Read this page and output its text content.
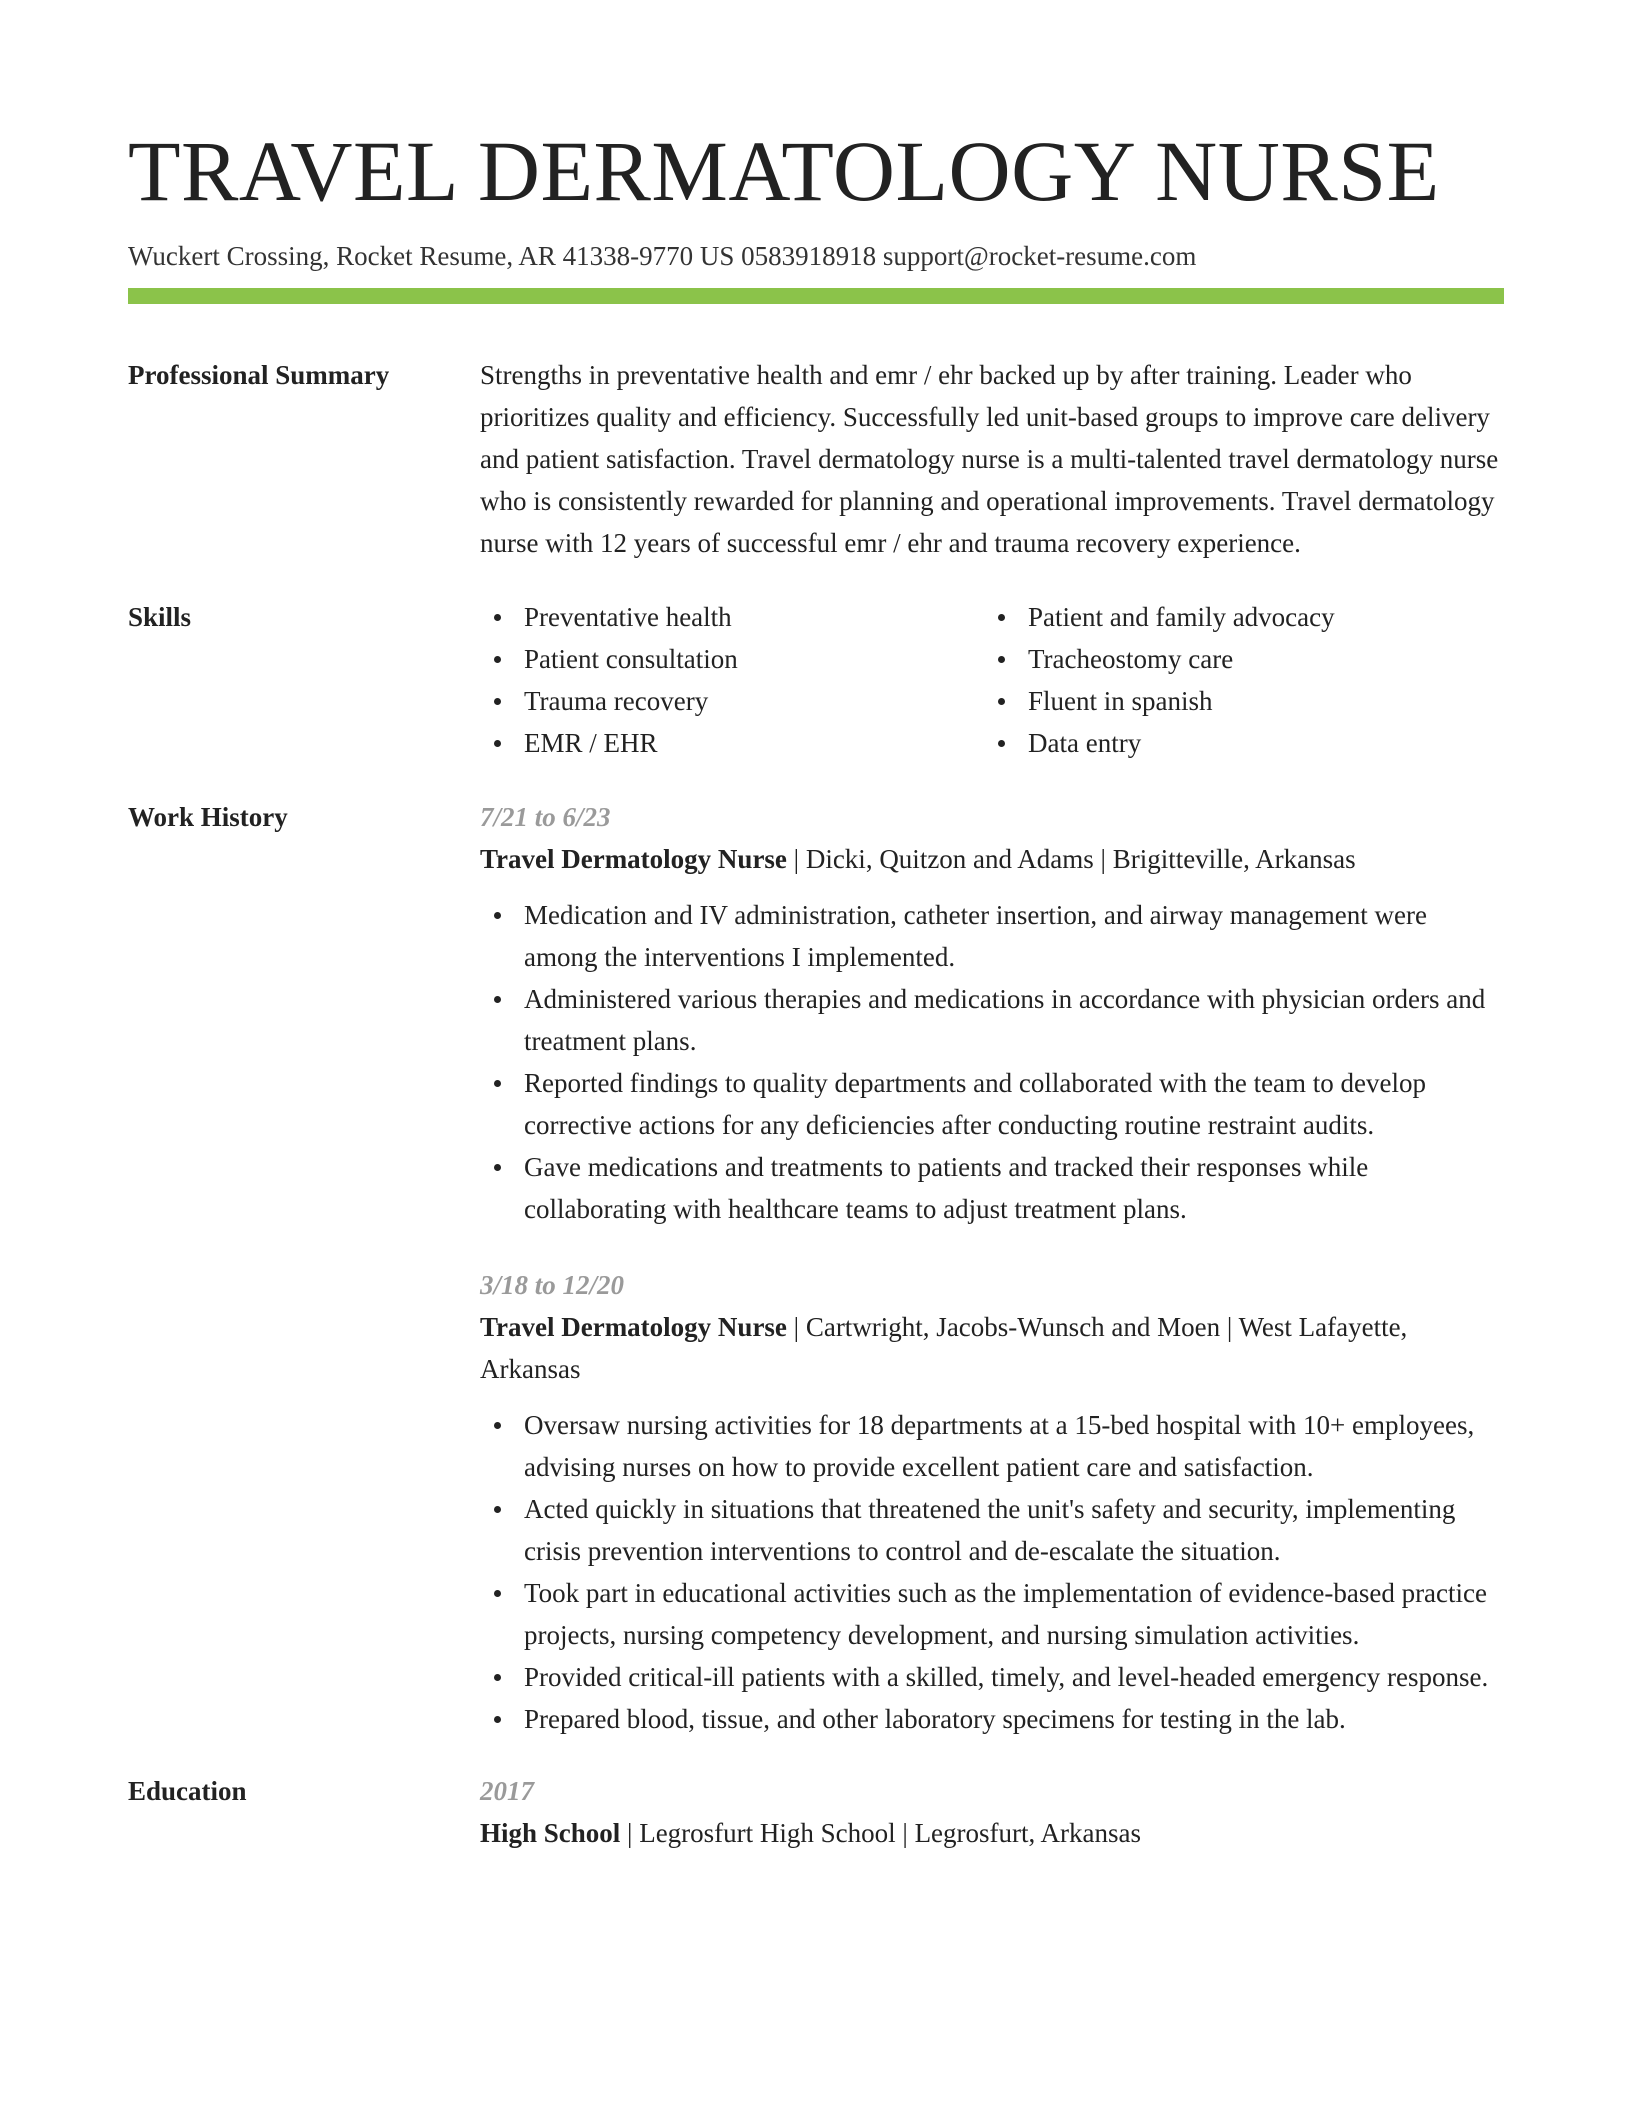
TRAVEL DERMATOLOGY NURSE
Wuckert Crossing, Rocket Resume, AR 41338-9770 US 0583918918 support@rocket-resume.com
Professional Summary	Strengths in preventative health and emr / ehr backed up by after training. Leader who prioritizes quality and efficiency. Successfully led unit-based groups to improve care delivery and patient satisfaction. Travel dermatology nurse is a multi-talented travel dermatology nurse who is consistently rewarded for planning and operational improvements. Travel dermatology nurse with 12 years of successful emr / ehr and trauma recovery experience.
Skills	Preventative health
Patient consultation
Trauma recovery
EMR / EHR
Patient and family advocacy
Tracheostomy care
Fluent in spanish
Data entry
Work History	7/21 to 6/23
Travel Dermatology Nurse | Dicki, Quitzon and Adams | Brigitteville, Arkansas
Medication and IV administration, catheter insertion, and airway management were among the interventions I implemented.
Administered various therapies and medications in accordance with physician orders and treatment plans.
Reported findings to quality departments and collaborated with the team to develop corrective actions for any deficiencies after conducting routine restraint audits.
Gave medications and treatments to patients and tracked their responses while collaborating with healthcare teams to adjust treatment plans.
3/18 to 12/20
Travel Dermatology Nurse | Cartwright, Jacobs-Wunsch and Moen | West Lafayette, Arkansas
Oversaw nursing activities for 18 departments at a 15-bed hospital with 10+ employees, advising nurses on how to provide excellent patient care and satisfaction.
Acted quickly in situations that threatened the unit's safety and security, implementing crisis prevention interventions to control and de-escalate the situation.
Took part in educational activities such as the implementation of evidence-based practice projects, nursing competency development, and nursing simulation activities.
Provided critical-ill patients with a skilled, timely, and level-headed emergency response.
Prepared blood, tissue, and other laboratory specimens for testing in the lab.
Education	2017
High School | Legrosfurt High School | Legrosfurt, Arkansas
